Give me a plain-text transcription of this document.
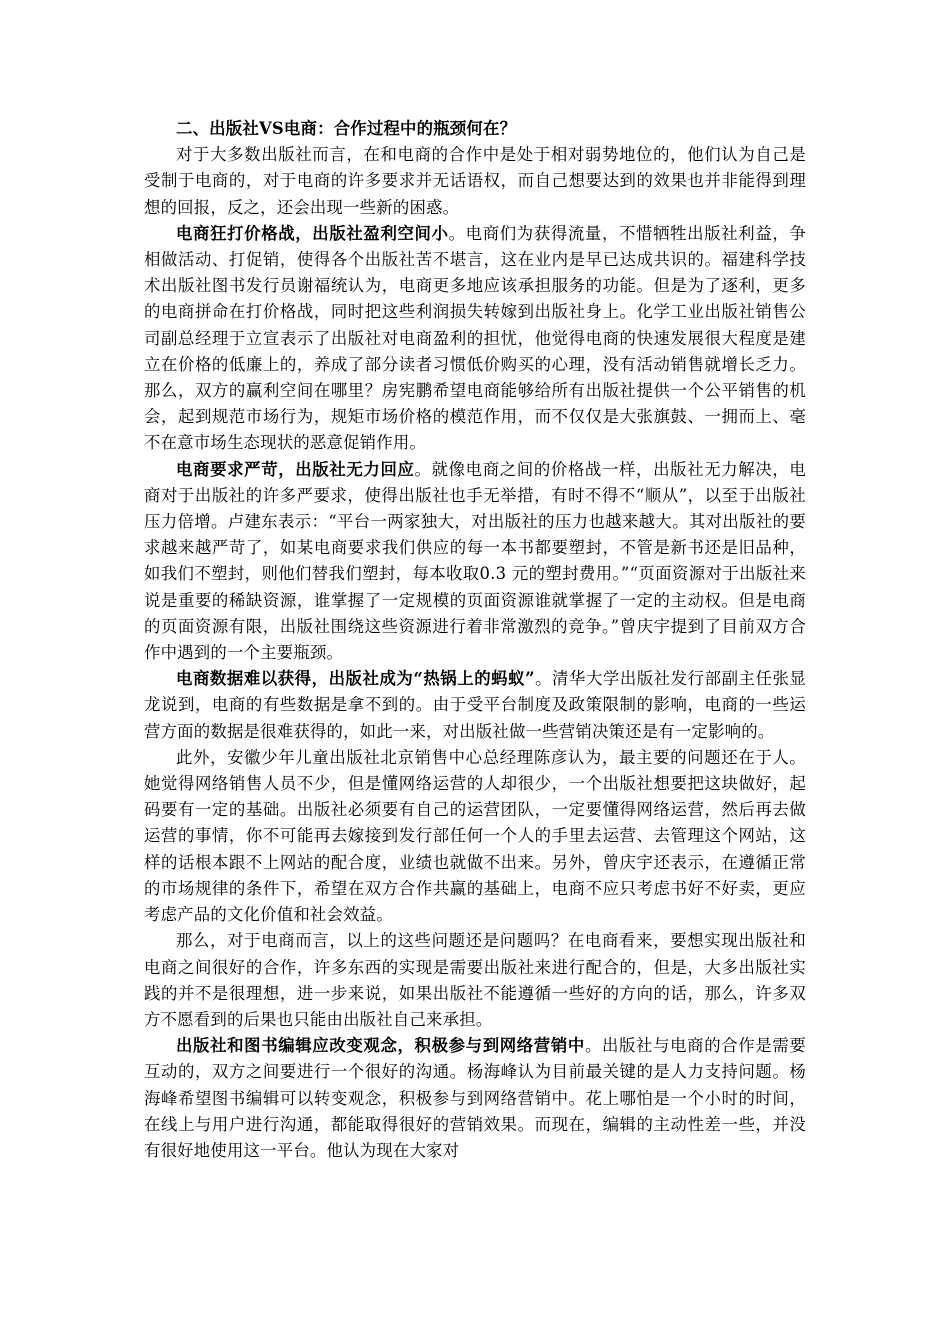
二、出版社VS电商：合作过程中的瓶颈何在？

对于大多数出版社而言，在和电商的合作中是处于相对弱势地位的，他们认为自己是受制于电商的，对于电商的许多要求并无话语权，而自己想要达到的效果也并非能得到理想的回报，反之，还会出现一些新的困惑。

电商狂打价格战，出版社盈利空间小。电商们为获得流量，不惜牺牲出版社利益，争相做活动、打促销，使得各个出版社苦不堪言，这在业内是早已达成共识的。福建科学技术出版社图书发行员谢福统认为，电商更多地应该承担服务的功能。但是为了逐利，更多的电商拼命在打价格战，同时把这些利润损失转嫁到出版社身上。化学工业出版社销售公司副总经理于立宣表示了出版社对电商盈利的担忧，他觉得电商的快速发展很大程度是建立在价格的低廉上的，养成了部分读者习惯低价购买的心理，没有活动销售就增长乏力。那么，双方的赢利空间在哪里？房宪鹏希望电商能够给所有出版社提供一个公平销售的机会，起到规范市场行为，规矩市场价格的模范作用，而不仅仅是大张旗鼓、一拥而上、毫不在意市场生态现状的恶意促销作用。

电商要求严苛，出版社无力回应。就像电商之间的价格战一样，出版社无力解决，电商对于出版社的许多严要求，使得出版社也手无举措，有时不得不“顺从”，以至于出版社压力倍增。卢建东表示：“平台一两家独大，对出版社的压力也越来越大。其对出版社的要求越来越严苛了，如某电商要求我们供应的每一本书都要塑封，不管是新书还是旧品种，如我们不塑封，则他们替我们塑封，每本收取0.3 元的塑封费用。”“页面资源对于出版社来说是重要的稀缺资源，谁掌握了一定规模的页面资源谁就掌握了一定的主动权。但是电商的页面资源有限，出版社围绕这些资源进行着非常激烈的竞争。”曾庆宇提到了目前双方合作中遇到的一个主要瓶颈。

电商数据难以获得，出版社成为“热锅上的蚂蚁”。清华大学出版社发行部副主任张显龙说到，电商的有些数据是拿不到的。由于受平台制度及政策限制的影响，电商的一些运营方面的数据是很难获得的，如此一来，对出版社做一些营销决策还是有一定影响的。

此外，安徽少年儿童出版社北京销售中心总经理陈彦认为，最主要的问题还在于人。她觉得网络销售人员不少，但是懂网络运营的人却很少，一个出版社想要把这块做好，起码要有一定的基础。出版社必须要有自己的运营团队，一定要懂得网络运营，然后再去做运营的事情，你不可能再去嫁接到发行部任何一个人的手里去运营、去管理这个网站，这样的话根本跟不上网站的配合度，业绩也就做不出来。另外，曾庆宇还表示，在遵循正常的市场规律的条件下，希望在双方合作共赢的基础上，电商不应只考虑书好不好卖，更应考虑产品的文化价值和社会效益。

那么，对于电商而言，以上的这些问题还是问题吗？在电商看来，要想实现出版社和电商之间很好的合作，许多东西的实现是需要出版社来进行配合的，但是，大多出版社实践的并不是很理想，进一步来说，如果出版社不能遵循一些好的方向的话，那么，许多双方不愿看到的后果也只能由出版社自己来承担。

出版社和图书编辑应改变观念，积极参与到网络营销中。出版社与电商的合作是需要互动的，双方之间要进行一个很好的沟通。杨海峰认为目前最关键的是人力支持问题。杨海峰希望图书编辑可以转变观念，积极参与到网络营销中。花上哪怕是一个小时的时间，在线上与用户进行沟通，都能取得很好的营销效果。而现在，编辑的主动性差一些，并没有很好地使用这一平台。他认为现在大家对
